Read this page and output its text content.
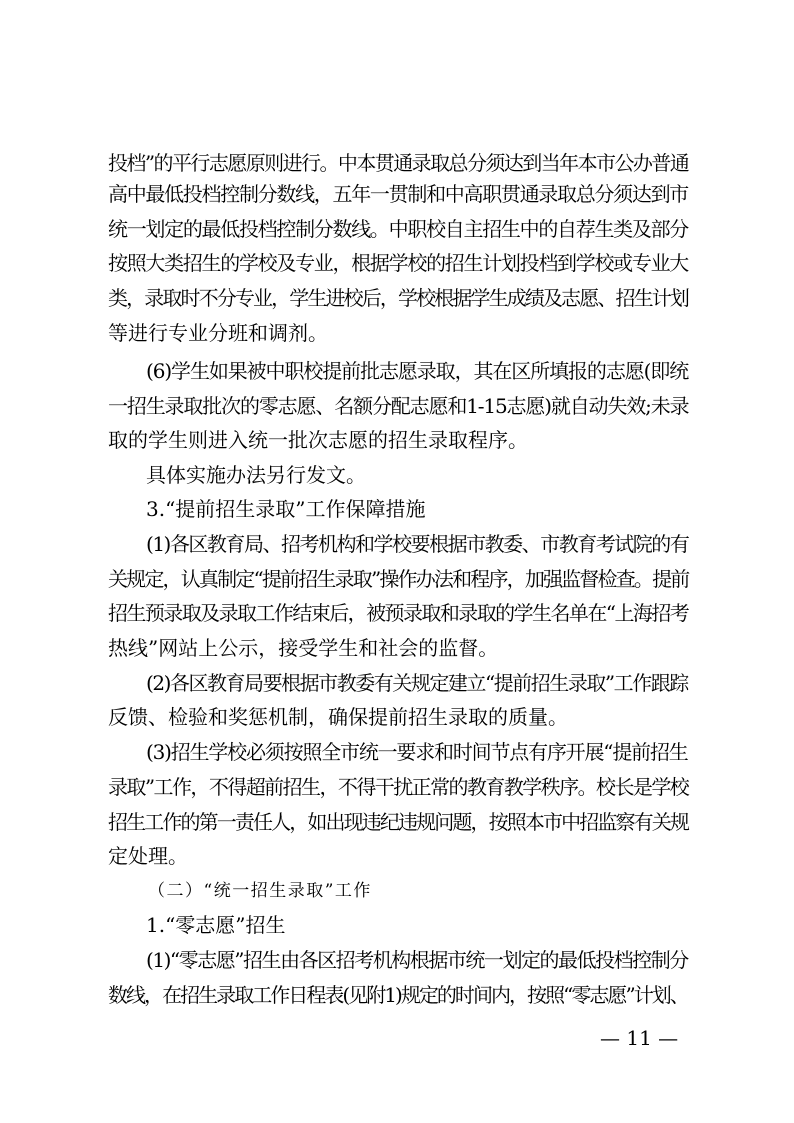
投档”的平行志愿原则进行。中本贯通录取总分须达到当年本市公办普通
高中最低投档控制分数线，五年一贯制和中高职贯通录取总分须达到市
统一划定的最低投档控制分数线。中职校自主招生中的自荐生类及部分
按照大类招生的学校及专业，根据学校的招生计划投档到学校或专业大
类，录取时不分专业，学生进校后，学校根据学生成绩及志愿、招生计划
等进行专业分班和调剂。
(6)学生如果被中职校提前批志愿录取，其在区所填报的志愿(即统
一招生录取批次的零志愿、名额分配志愿和1-15志愿)就自动失效;未录
取的学生则进入统一批次志愿的招生录取程序。
具体实施办法另行发文。
3.“提前招生录取”工作保障措施
(1)各区教育局、招考机构和学校要根据市教委、市教育考试院的有
关规定，认真制定“提前招生录取”操作办法和程序，加强监督检查。提前
招生预录取及录取工作结束后，被预录取和录取的学生名单在“上海招考
热线”网站上公示，接受学生和社会的监督。
(2)各区教育局要根据市教委有关规定建立“提前招生录取”工作跟踪
反馈、检验和奖惩机制，确保提前招生录取的质量。
(3)招生学校必须按照全市统一要求和时间节点有序开展“提前招生
录取”工作，不得超前招生，不得干扰正常的教育教学秩序。校长是学校
招生工作的第一责任人，如出现违纪违规问题，按照本市中招监察有关规
定处理。
（二）“统一招生录取”工作
1.“零志愿”招生
(1)“零志愿”招生由各区招考机构根据市统一划定的最低投档控制分
数线，在招生录取工作日程表(见附1)规定的时间内，按照“零志愿”计划、
— 11 —
